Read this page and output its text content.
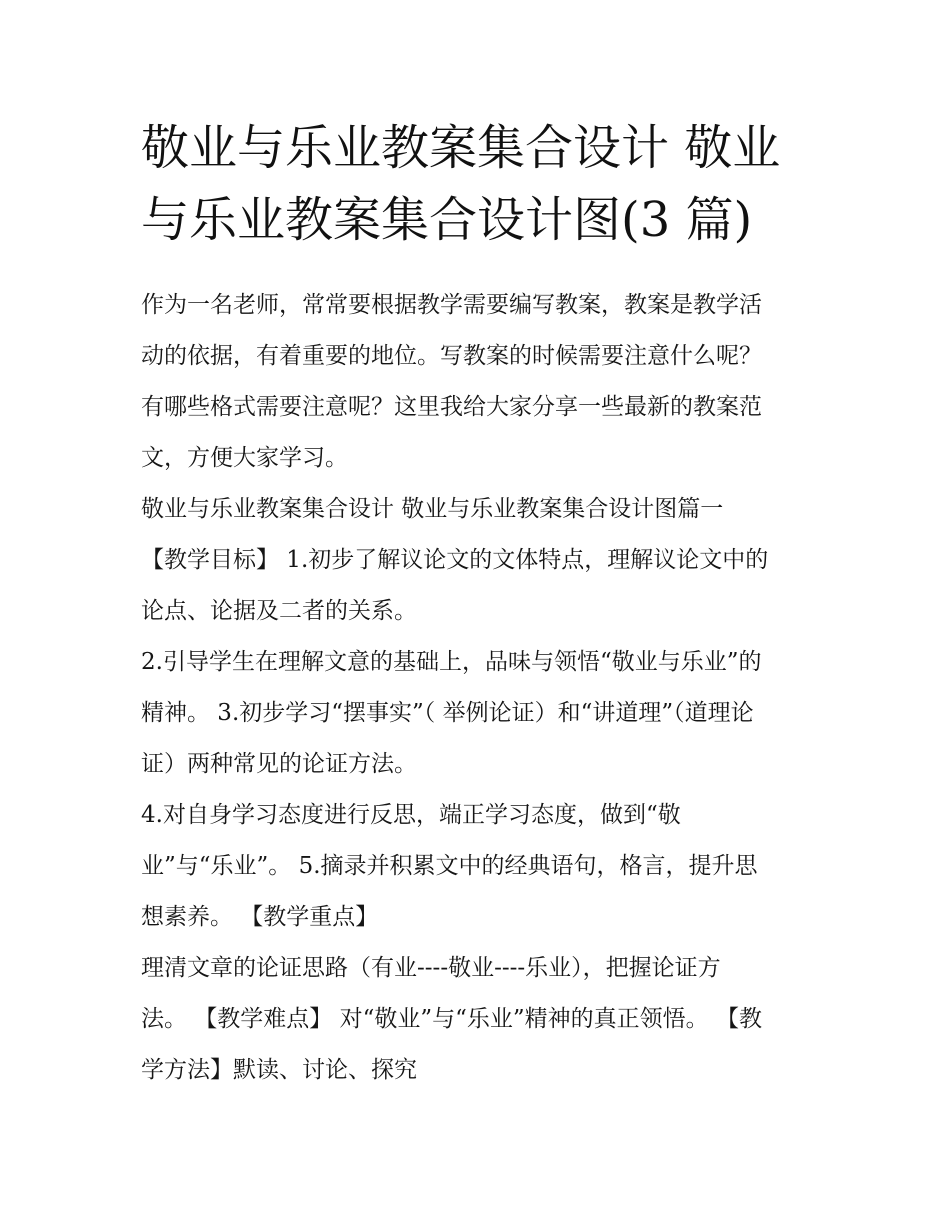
敬业与乐业教案集合设计 敬业
与乐业教案集合设计图(3 篇)
作为一名老师，常常要根据教学需要编写教案，教案是教学活
动的依据，有着重要的地位。写教案的时候需要注意什么呢？
有哪些格式需要注意呢？这里我给大家分享一些最新的教案范
文，方便大家学习。
敬业与乐业教案集合设计 敬业与乐业教案集合设计图篇一
【教学目标】 1.初步了解议论文的文体特点，理解议论文中的
论点、论据及二者的关系。
2.引导学生在理解文意的基础上，品味与领悟“敬业与乐业”的
精神。 3.初步学习“摆事实”（ 举例论证）和“讲道理”（道理论
证）两种常见的论证方法。
4.对自身学习态度进行反思，端正学习态度，做到“敬
业”与“乐业”。 5.摘录并积累文中的经典语句，格言，提升思
想素养。 【教学重点】
理清文章的论证思路（有业----敬业----乐业），把握论证方
法。 【教学难点】 对“敬业”与“乐业”精神的真正领悟。 【教
学方法】默读、讨论、探究
